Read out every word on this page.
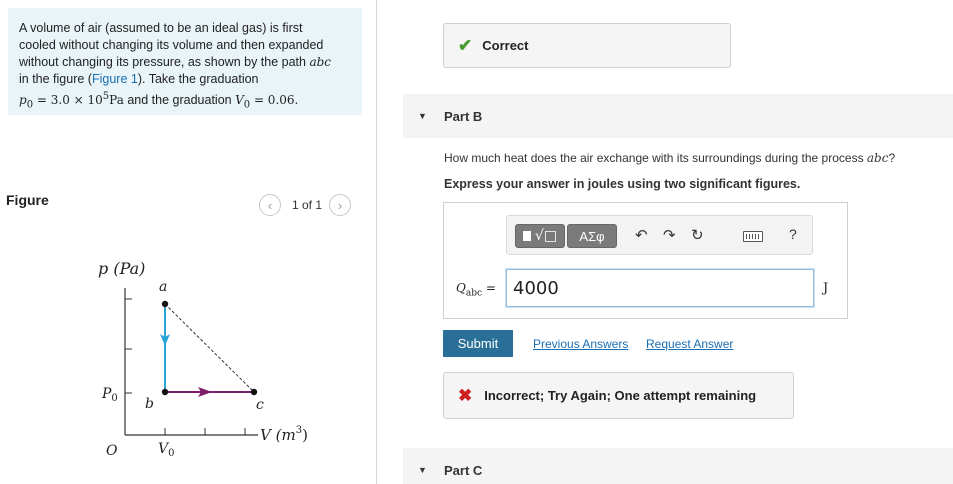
A volume of air (assumed to be an ideal gas) is first
cooled without changing its volume and then expanded
without changing its pressure, as shown by the path abc
in the figure (Figure 1). Take the graduation
$p_0 = 3.0 \times 10^5Pa$ and the graduation $V_0 = 0.06$.
Figure	‹	1 of 1	›
p (Pa)
a
b	c
$P_0$
$V_0$
O
V $(m^3)$
✔ Correct
▼	Part B
How much heat does the air exchange with its surroundings during the process abc?
Express your answer in joules using two significant figures.
√□	ΑΣφ	↶ ↷ ↻	?
$Q_{abc} = 4000$	J
Submit	Previous Answers Request Answer
✖ Incorrect; Try Again; One attempt remaining
▼	Part C
